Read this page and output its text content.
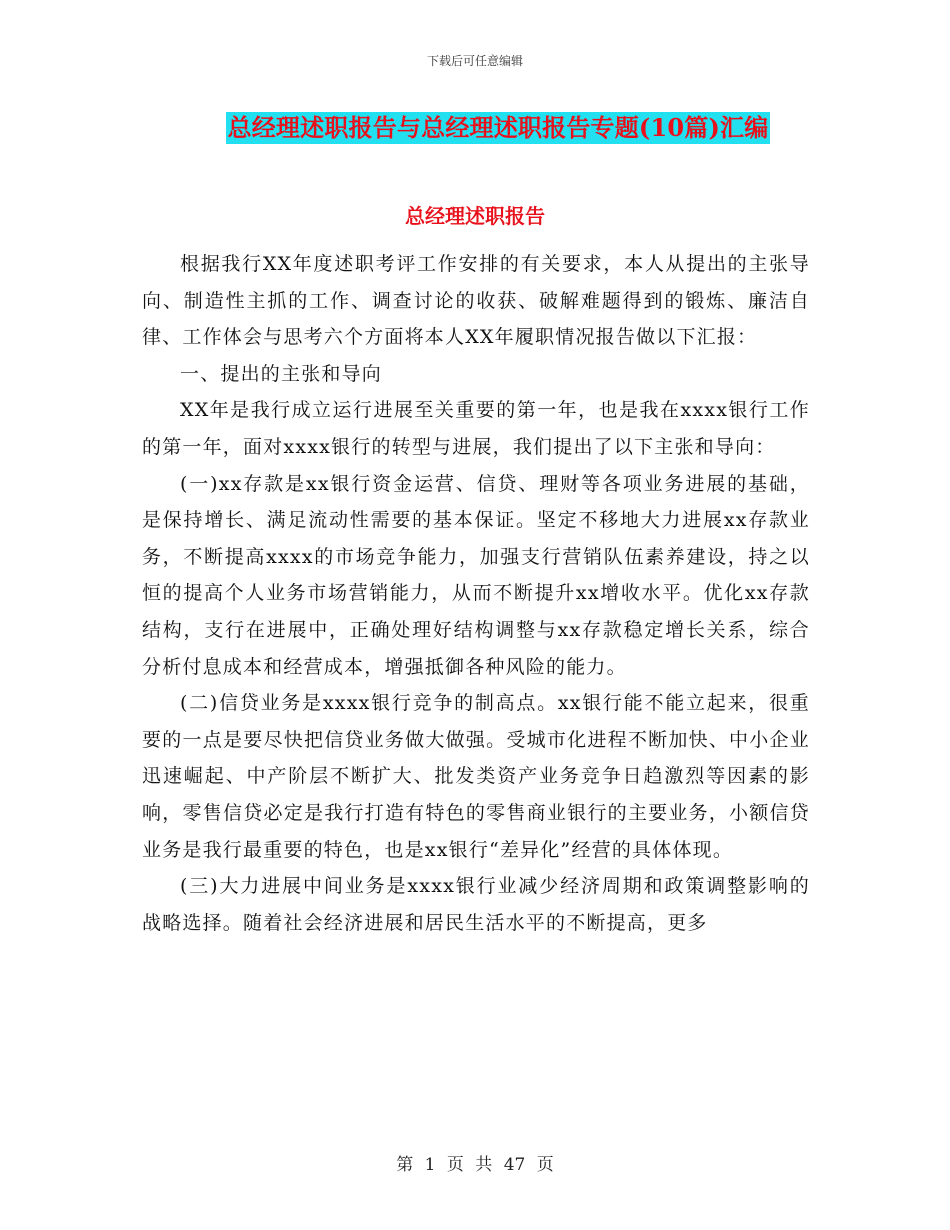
下载后可任意编辑
总经理述职报告与总经理述职报告专题(10篇)汇编
总经理述职报告

根据我行XX年度述职考评工作安排的有关要求，本人从提出的主张导向、制造性主抓的工作、调查讨论的收获、破解难题得到的锻炼、廉洁自律、工作体会与思考六个方面将本人XX年履职情况报告做以下汇报：

一、提出的主张和导向

XX年是我行成立运行进展至关重要的第一年，也是我在xxxx银行工作的第一年，面对xxxx银行的转型与进展，我们提出了以下主张和导向：

(一)xx存款是xx银行资金运营、信贷、理财等各项业务进展的基础，是保持增长、满足流动性需要的基本保证。坚定不移地大力进展xx存款业务，不断提高xxxx的市场竞争能力，加强支行营销队伍素养建设，持之以恒的提高个人业务市场营销能力，从而不断提升xx增收水平。优化xx存款结构，支行在进展中，正确处理好结构调整与xx存款稳定增长关系，综合分析付息成本和经营成本，增强抵御各种风险的能力。

(二)信贷业务是xxxx银行竞争的制高点。xx银行能不能立起来，很重要的一点是要尽快把信贷业务做大做强。受城市化进程不断加快、中小企业迅速崛起、中产阶层不断扩大、批发类资产业务竞争日趋激烈等因素的影响，零售信贷必定是我行打造有特色的零售商业银行的主要业务，小额信贷业务是我行最重要的特色，也是xx银行“差异化”经营的具体体现。

(三)大力进展中间业务是xxxx银行业减少经济周期和政策调整影响的战略选择。随着社会经济进展和居民生活水平的不断提高，更多

第 1 页 共 47 页
